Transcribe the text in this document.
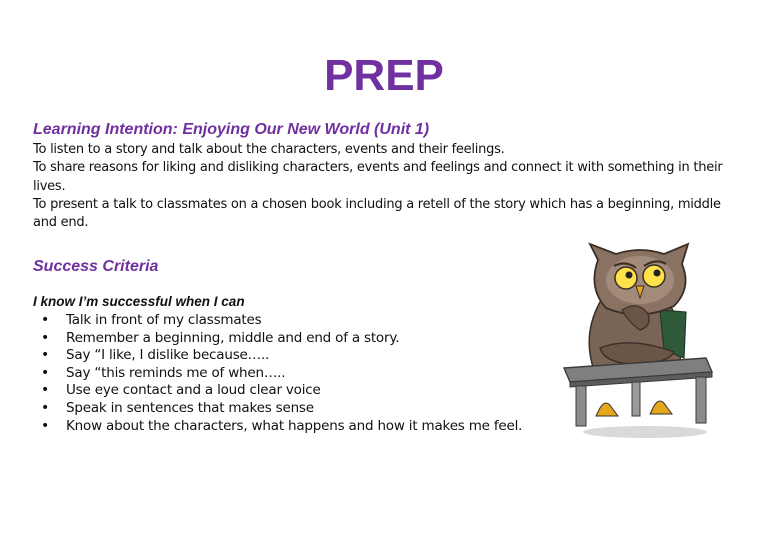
PREP
Learning Intention: Enjoying Our New World (Unit 1)

To listen to a story and talk about the characters, events and their feelings.

To share reasons for liking and disliking characters, events and feelings and connect it with something in their lives.

To present a talk to classmates on a chosen book including a retell of the story which has a beginning, middle and end.

Success Criteria
I know I’m successful when I can
• Talk in front of my classmates
• Remember a beginning, middle and end of a story.
• Say “I like, I dislike because…..
• Say “this reminds me of when…..
• Use eye contact and a loud clear voice
• Speak in sentences that makes sense
• Know about the characters, what happens and how it makes me feel.
